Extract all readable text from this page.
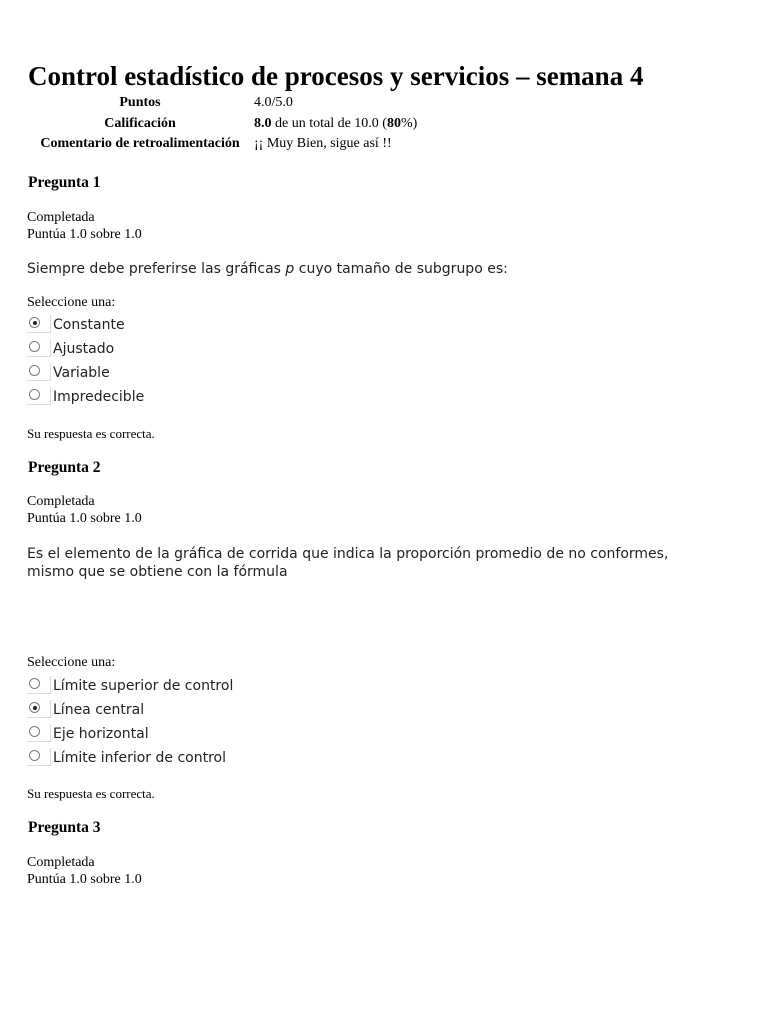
Control estadístico de procesos y servicios – semana 4
Puntos	4.0/5.0
Calificación	8.0 de un total de 10.0 (80%)
Comentario de retroalimentación	¡¡ Muy Bien, sigue así !!
Pregunta 1
Completada
Puntúa 1.0 sobre 1.0
Siempre debe preferirse las gráficas p cuyo tamaño de subgrupo es:
Seleccione una:
Constante
Ajustado
Variable
Impredecible
Su respuesta es correcta.
Pregunta 2
Completada
Puntúa 1.0 sobre 1.0
Es el elemento de la gráfica de corrida que indica la proporción promedio de no conformes,
mismo que se obtiene con la fórmula
Seleccione una:
Límite superior de control
Línea central
Eje horizontal
Límite inferior de control
Su respuesta es correcta.
Pregunta 3
Completada
Puntúa 1.0 sobre 1.0
